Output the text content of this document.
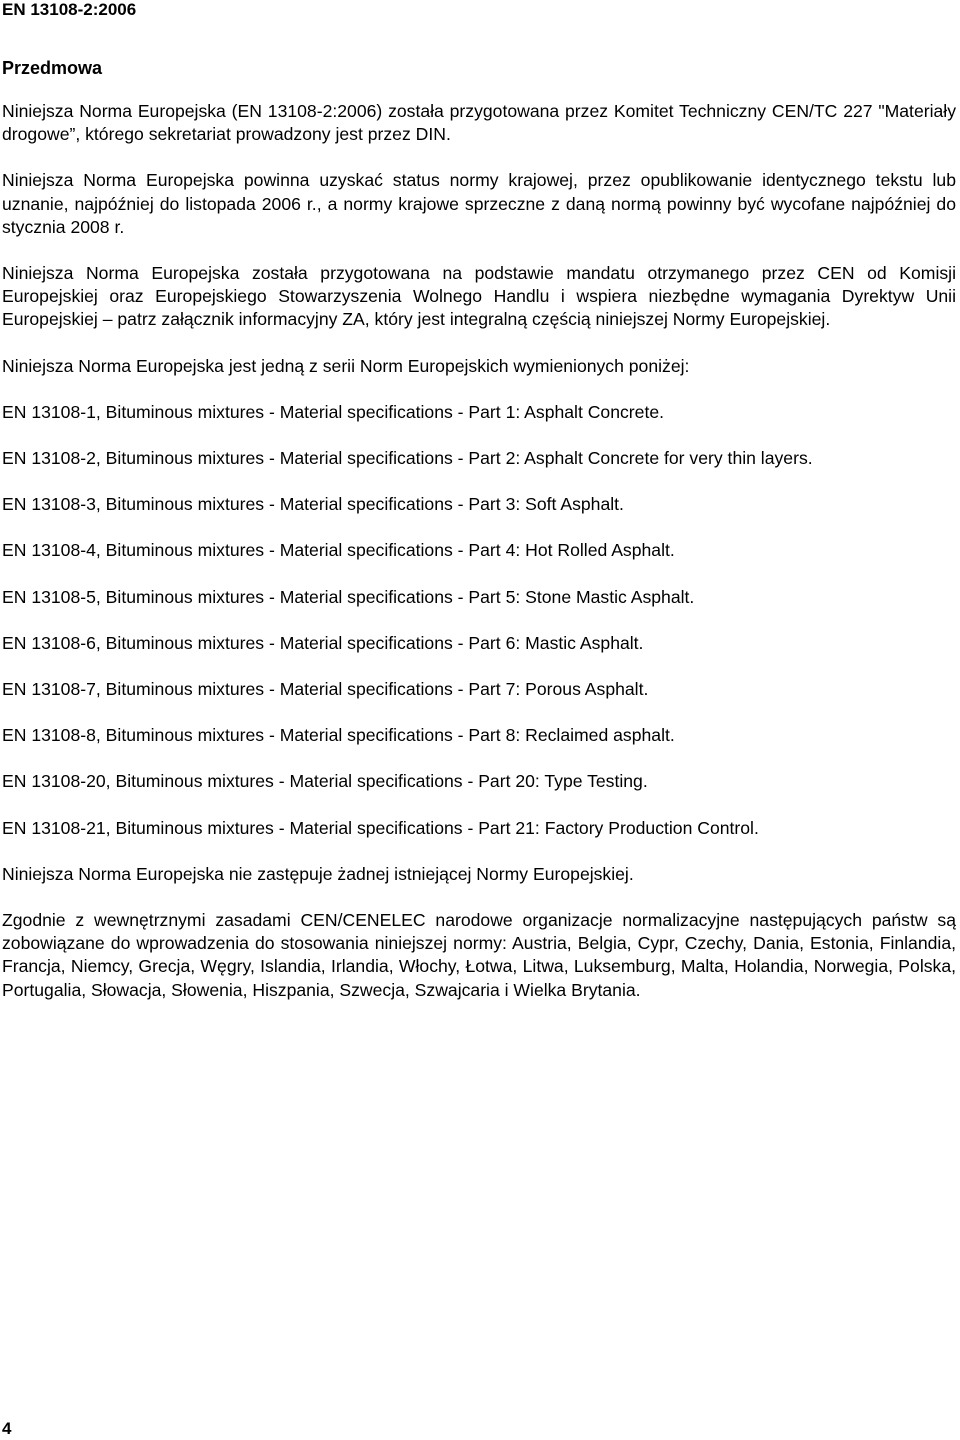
EN 13108-2:2006
Przedmowa

Niniejsza Norma Europejska (EN 13108-2:2006) została przygotowana przez Komitet Techniczny CEN/TC 227 "Materiały drogowe”, którego sekretariat prowadzony jest przez DIN.

Niniejsza Norma Europejska powinna uzyskać status normy krajowej, przez opublikowanie identycznego tekstu lub uznanie, najpóźniej do listopada 2006 r., a normy krajowe sprzeczne z daną normą powinny być wycofane najpóźniej do stycznia 2008 r.

Niniejsza Norma Europejska została przygotowana na podstawie mandatu otrzymanego przez CEN od Komisji Europejskiej oraz Europejskiego Stowarzyszenia Wolnego Handlu i wspiera niezbędne wymagania Dyrektyw Unii Europejskiej – patrz załącznik informacyjny ZA, który jest integralną częścią niniejszej Normy Europejskiej.

Niniejsza Norma Europejska jest jedną z serii Norm Europejskich wymienionych poniżej:

EN 13108-1, Bituminous mixtures - Material specifications - Part 1: Asphalt Concrete.
EN 13108-2, Bituminous mixtures - Material specifications - Part 2: Asphalt Concrete for very thin layers.
EN 13108-3, Bituminous mixtures - Material specifications - Part 3: Soft Asphalt.
EN 13108-4, Bituminous mixtures - Material specifications - Part 4: Hot Rolled Asphalt.
EN 13108-5, Bituminous mixtures - Material specifications - Part 5: Stone Mastic Asphalt.
EN 13108-6, Bituminous mixtures - Material specifications - Part 6: Mastic Asphalt.
EN 13108-7, Bituminous mixtures - Material specifications - Part 7: Porous Asphalt.
EN 13108-8, Bituminous mixtures - Material specifications - Part 8: Reclaimed asphalt.
EN 13108-20, Bituminous mixtures - Material specifications - Part 20: Type Testing.
EN 13108-21, Bituminous mixtures - Material specifications - Part 21: Factory Production Control.

Niniejsza Norma Europejska nie zastępuje żadnej istniejącej Normy Europejskiej.

Zgodnie z wewnętrznymi zasadami CEN/CENELEC narodowe organizacje normalizacyjne następujących państw są zobowiązane do wprowadzenia do stosowania niniejszej normy: Austria, Belgia, Cypr, Czechy, Dania, Estonia, Finlandia, Francja, Niemcy, Grecja, Węgry, Islandia, Irlandia, Włochy, Łotwa, Litwa, Luksemburg, Malta, Holandia, Norwegia, Polska, Portugalia, Słowacja, Słowenia, Hiszpania, Szwecja, Szwajcaria i Wielka Brytania.

4
